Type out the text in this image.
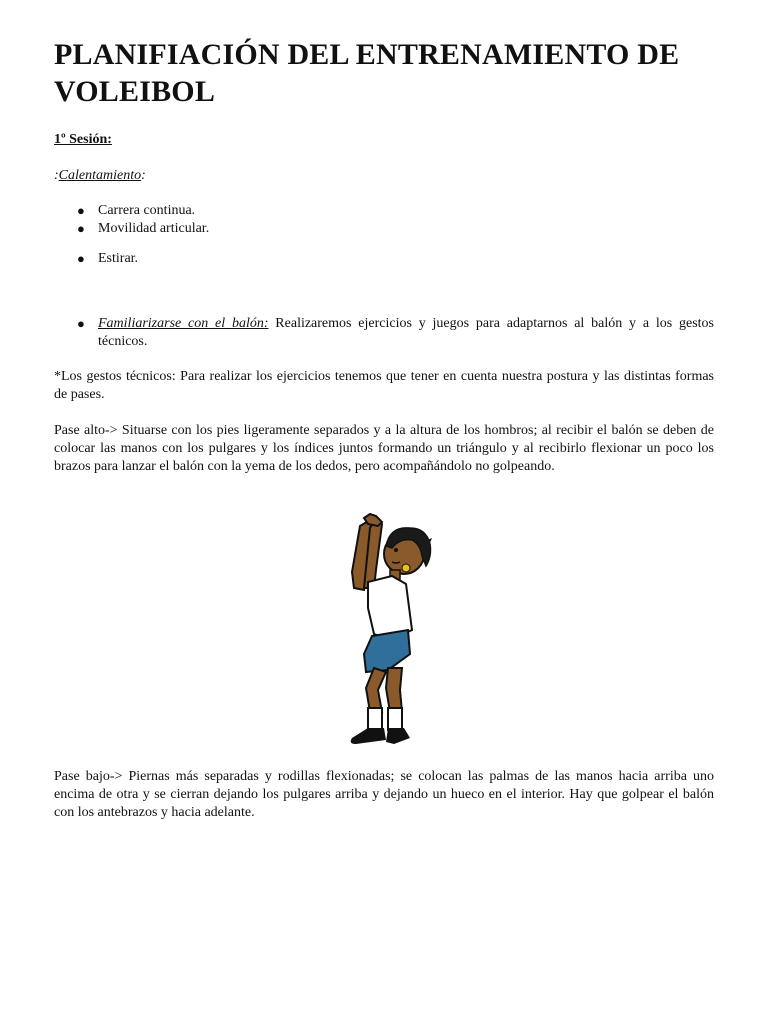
PLANIFIACIÓN DEL ENTRENAMIENTO DE VOLEIBOL
1º Sesión:
:Calentamiento:
● Carrera continua.
● Movilidad articular.
● Estirar.
● Familiarizarse con el balón: Realizaremos ejercicios y juegos para adaptarnos al balón y a los gestos técnicos.

*Los gestos técnicos: Para realizar los ejercicios tenemos que tener en cuenta nuestra postura y las distintas formas de pases.

Pase alto-> Situarse con los pies ligeramente separados y a la altura de los hombros; al recibir el balón se deben de colocar las manos con los pulgares y los índices juntos formando un triángulo y al recibirlo flexionar un poco los brazos para lanzar el balón con la yema de los dedos, pero acompañándolo no golpeando.

Pase bajo-> Piernas más separadas y rodillas flexionadas; se colocan las palmas de las manos hacia arriba uno encima de otra y se cierran dejando los pulgares arriba y dejando un hueco en el interior. Hay que golpear el balón con los antebrazos y hacia adelante.
